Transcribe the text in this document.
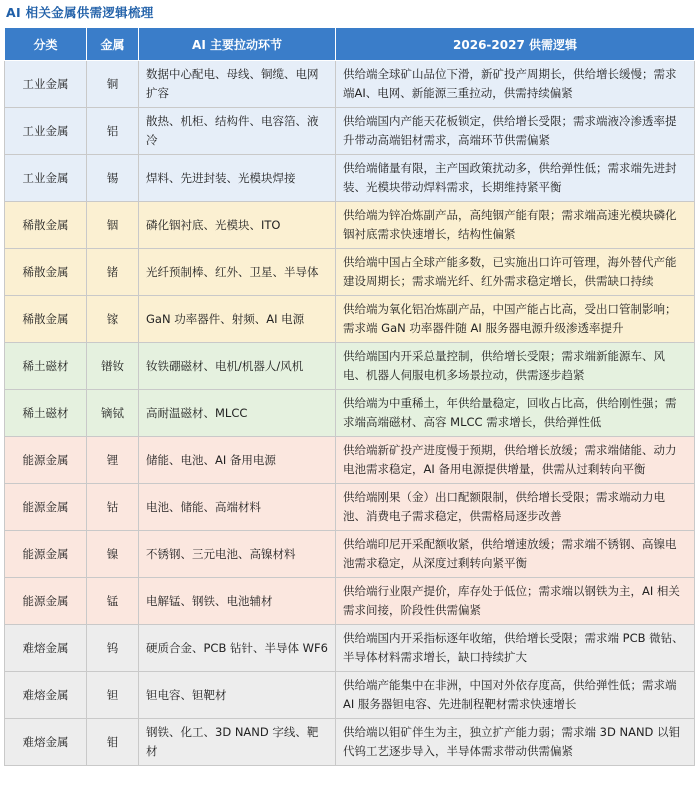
AI 相关金属供需逻辑梳理
分类	金属	AI 主要拉动环节	2026-2027 供需逻辑
工业金属	铜	数据中心配电、母线、铜缆、电网扩容	供给端全球矿山品位下滑，新矿投产周期长，供给增长缓慢；需求端AI、电网、新能源三重拉动，供需持续偏紧
工业金属	铝	散热、机柜、结构件、电容箔、液冷	供给端国内产能天花板锁定，供给增长受限；需求端液冷渗透率提升带动高端铝材需求，高端环节供需偏紧
工业金属	锡	焊料、先进封装、光模块焊接	供给端储量有限，主产国政策扰动多，供给弹性低；需求端先进封装、光模块带动焊料需求，长期维持紧平衡
稀散金属	铟	磷化铟衬底、光模块、ITO	供给端为锌冶炼副产品，高纯铟产能有限；需求端高速光模块磷化铟衬底需求快速增长，结构性偏紧
稀散金属	锗	光纤预制棒、红外、卫星、半导体	供给端中国占全球产能多数，已实施出口许可管理，海外替代产能建设周期长；需求端光纤、红外需求稳定增长，供需缺口持续
稀散金属	镓	GaN 功率器件、射频、AI 电源	供给端为氧化铝冶炼副产品，中国产能占比高，受出口管制影响；需求端 GaN 功率器件随 AI 服务器电源升级渗透率提升
稀土磁材	镨钕	钕铁硼磁材、电机/机器人/风机	供给端国内开采总量控制，供给增长受限；需求端新能源车、风电、机器人伺服电机多场景拉动，供需逐步趋紧
稀土磁材	镝铽	高耐温磁材、MLCC	供给端为中重稀土，年供给量稳定，回收占比高，供给刚性强；需求端高端磁材、高容 MLCC 需求增长，供给弹性低
能源金属	锂	储能、电池、AI 备用电源	供给端新矿投产进度慢于预期，供给增长放缓；需求端储能、动力电池需求稳定，AI 备用电源提供增量，供需从过剩转向平衡
能源金属	钴	电池、储能、高端材料	供给端刚果（金）出口配额限制，供给增长受限；需求端动力电池、消费电子需求稳定，供需格局逐步改善
能源金属	镍	不锈钢、三元电池、高镍材料	供给端印尼开采配额收紧，供给增速放缓；需求端不锈钢、高镍电池需求稳定，从深度过剩转向紧平衡
能源金属	锰	电解锰、钢铁、电池辅材	供给端行业限产提价，库存处于低位；需求端以钢铁为主，AI 相关需求间接，阶段性供需偏紧
难熔金属	钨	硬质合金、PCB 钻针、半导体 WF6	供给端国内开采指标逐年收缩，供给增长受限；需求端 PCB 微钻、半导体材料需求增长，缺口持续扩大
难熔金属	钽	钽电容、钽靶材	供给端产能集中在非洲，中国对外依存度高，供给弹性低；需求端AI 服务器钽电容、先进制程靶材需求快速增长
难熔金属	钼	钢铁、化工、3D NAND 字线、靶材	供给端以钼矿伴生为主，独立扩产能力弱；需求端 3D NAND 以钼代钨工艺逐步导入，半导体需求带动供需偏紧
